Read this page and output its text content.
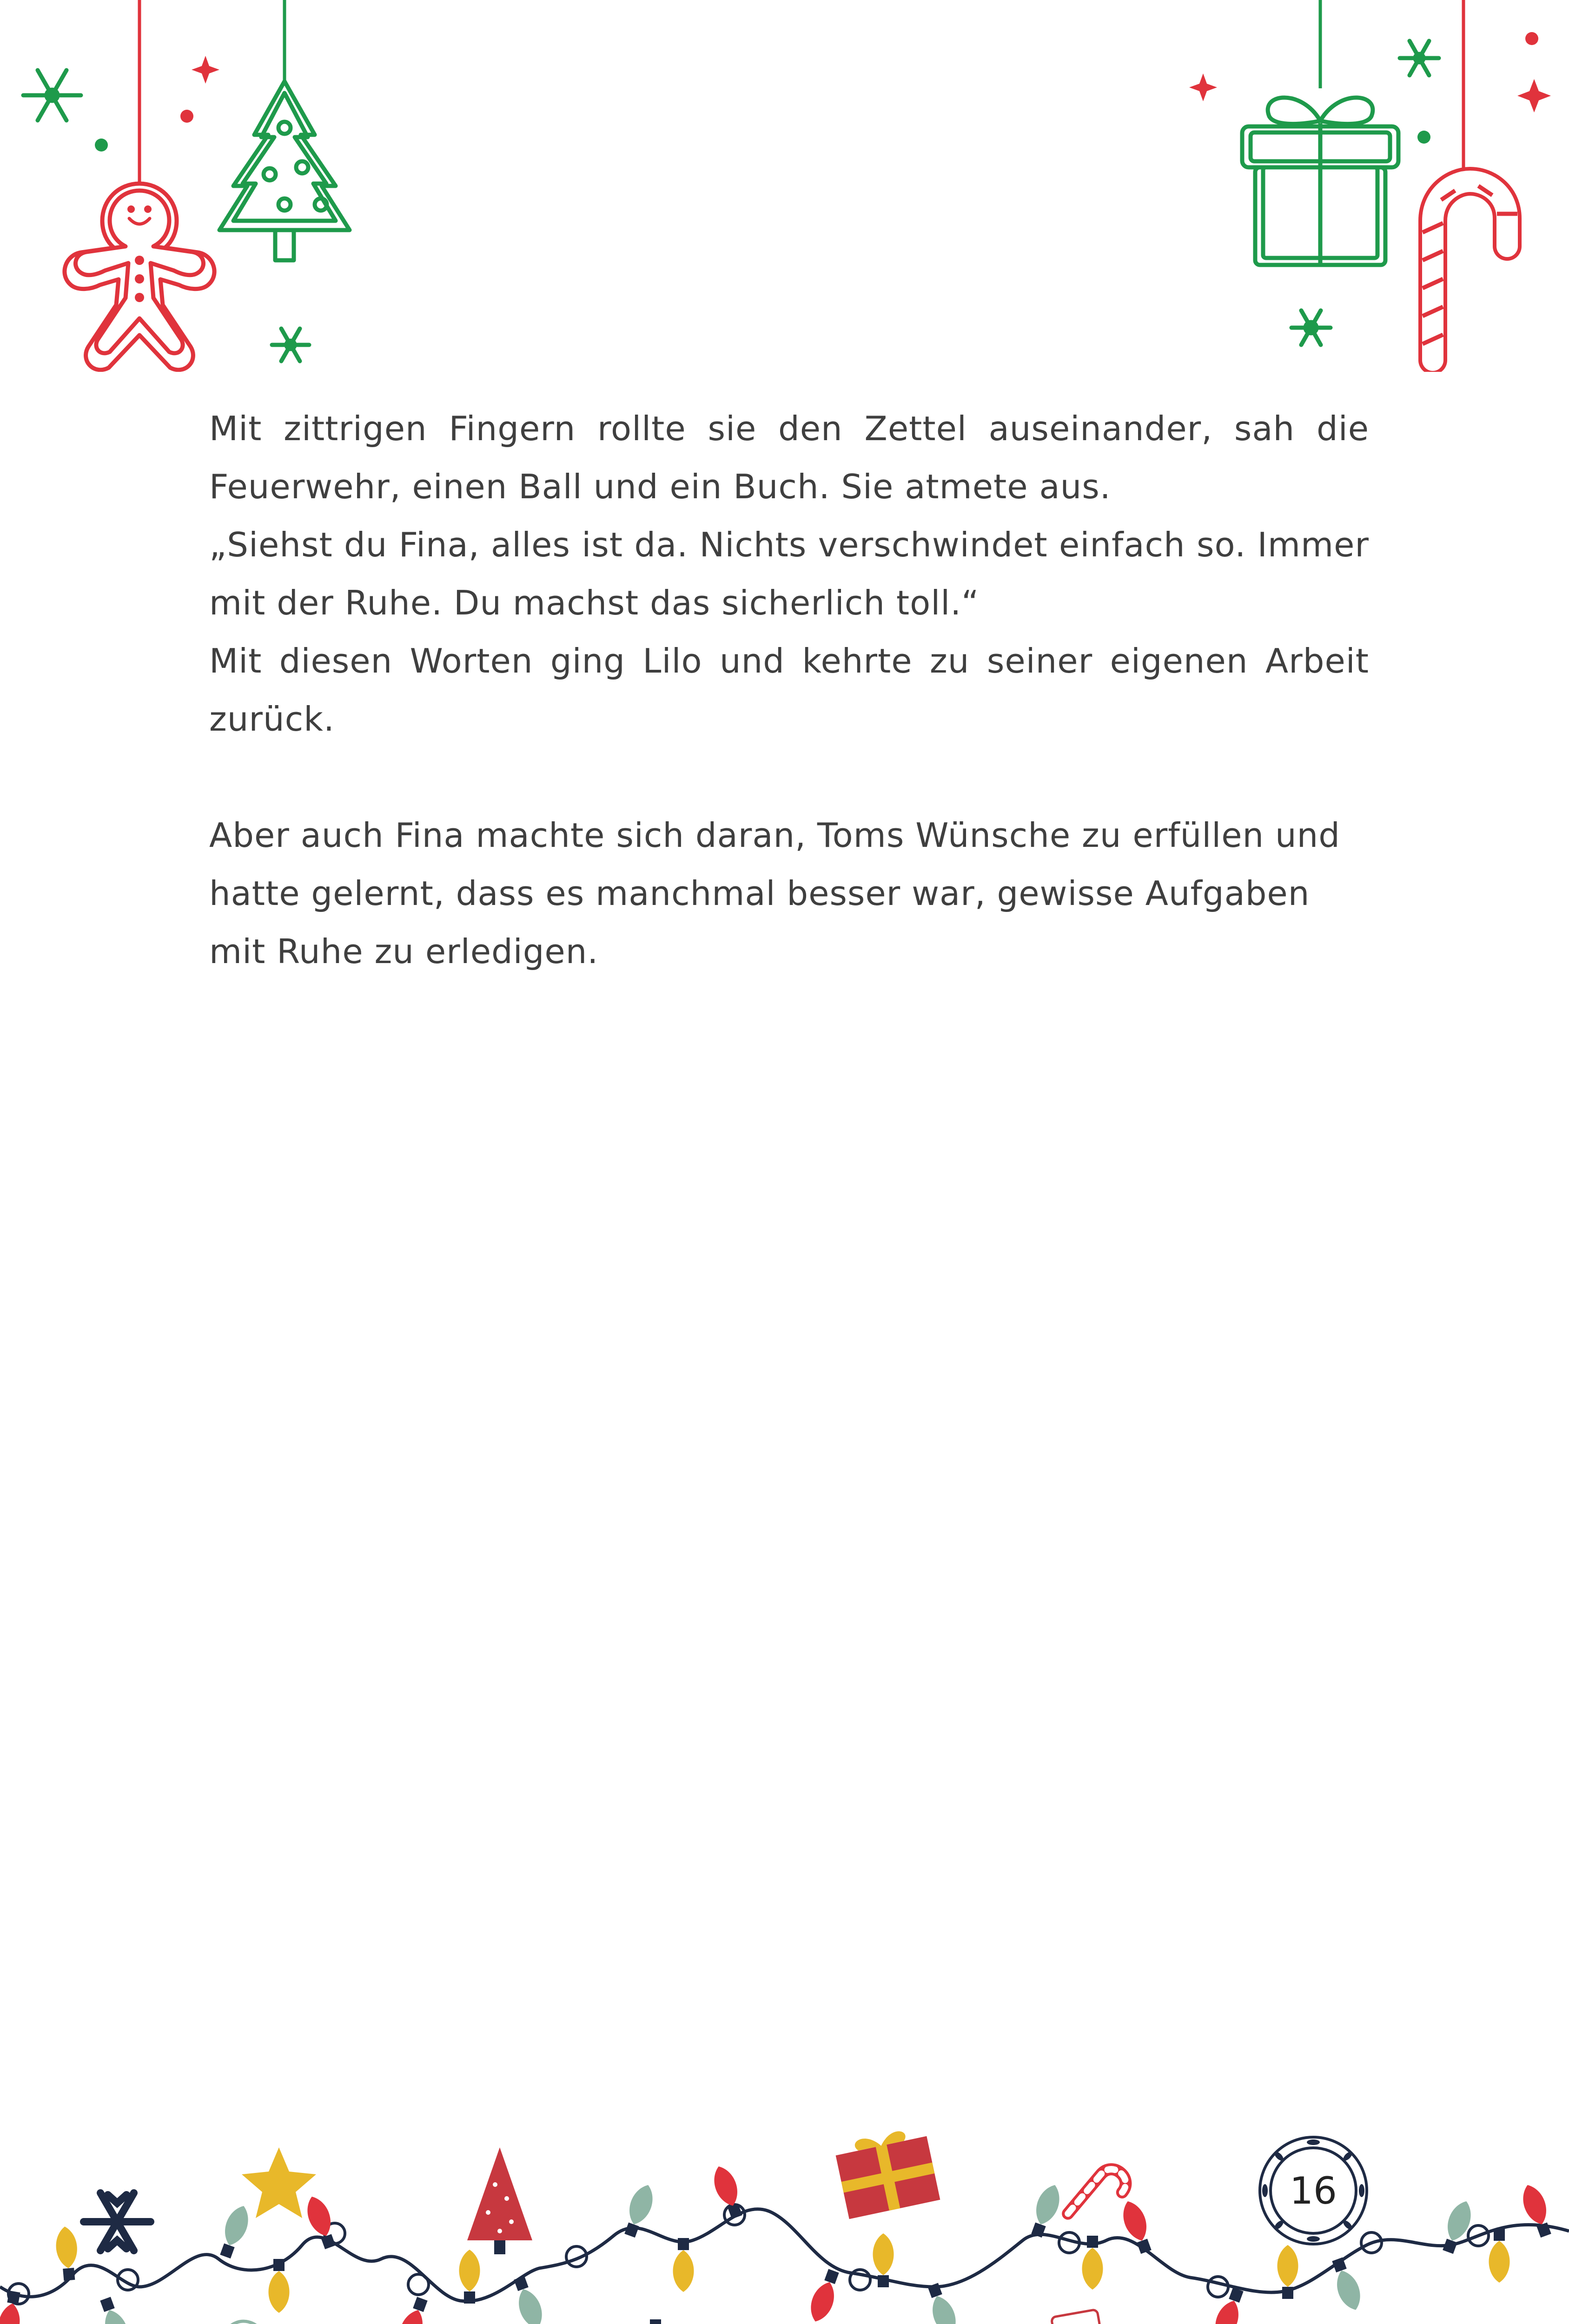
Mit zittrigen Fingern rollte sie den Zettel auseinander, sah die Feuerwehr, einen Ball und ein Buch. Sie atmete aus.

„Siehst du Fina, alles ist da. Nichts verschwindet einfach so. Immer mit der Ruhe. Du machst das sicherlich toll.“

Mit diesen Worten ging Lilo und kehrte zu seiner eigenen Arbeit zurück.

Aber auch Fina machte sich daran, Toms Wünsche zu erfüllen und hatte gelernt, dass es manchmal besser war, gewisse Aufgaben mit Ruhe zu erledigen.

16
